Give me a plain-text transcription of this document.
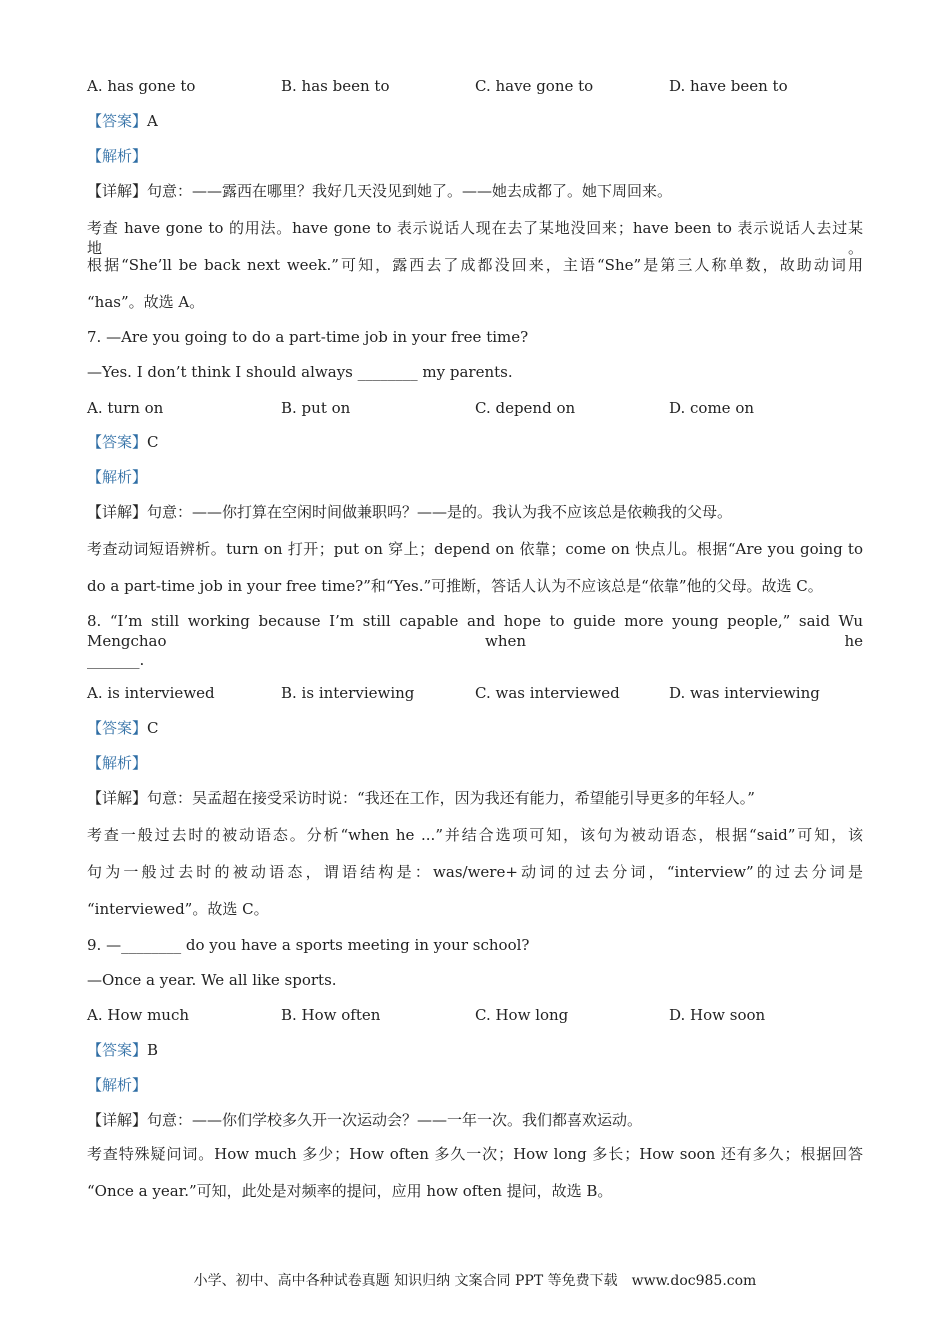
A. has gone to	B. has been to	C. have gone to	D. have been to
【答案】A
【解析】
【详解】句意：——露西在哪里？我好几天没见到她了。——她去成都了。她下周回来。
考查 have gone to 的用法。have gone to 表示说话人现在去了某地没回来；have been to 表示说话人去过某地。
根据“She’ll be back next week.”可知，露西去了成都没回来，主语“She”是第三人称单数，故助动词用
“has”。故选 A。
7. —Are you going to do a part-time job in your free time?
—Yes. I don’t think I should always ________ my parents.
A. turn on	B. put on	C. depend on	D. come on
【答案】C
【解析】
【详解】句意：——你打算在空闲时间做兼职吗？——是的。我认为我不应该总是依赖我的父母。
考查动词短语辨析。turn on 打开；put on 穿上；depend on 依靠；come on 快点儿。根据“Are you going to
do a part-time job in your free time?”和“Yes.”可推断，答话人认为不应该总是“依靠”他的父母。故选 C。
8. “I’m still working because I’m still capable and hope to guide more young people,” said Wu Mengchao when he
_______.
A. is interviewed	B. is interviewing	C. was interviewed	D. was interviewing
【答案】C
【解析】
【详解】句意：吴孟超在接受采访时说：“我还在工作，因为我还有能力，希望能引导更多的年轻人。”
考查一般过去时的被动语态。分析“when he ...”并结合选项可知，该句为被动语态，根据“said”可知，该
句为一般过去时的被动语态，谓语结构是：was/were+动词的过去分词，“interview”的过去分词是
“interviewed”。故选 C。
9. —________ do you have a sports meeting in your school?
—Once a year. We all like sports.
A. How much	B. How often	C. How long	D. How soon
【答案】B
【解析】
【详解】句意：——你们学校多久开一次运动会？——一年一次。我们都喜欢运动。
考查特殊疑问词。How much 多少；How often 多久一次；How long 多长；How soon 还有多久；根据回答
“Once a year.”可知，此处是对频率的提问，应用 how often 提问，故选 B。
小学、初中、高中各种试卷真题 知识归纳 文案合同 PPT 等免费下载　www.doc985.com
